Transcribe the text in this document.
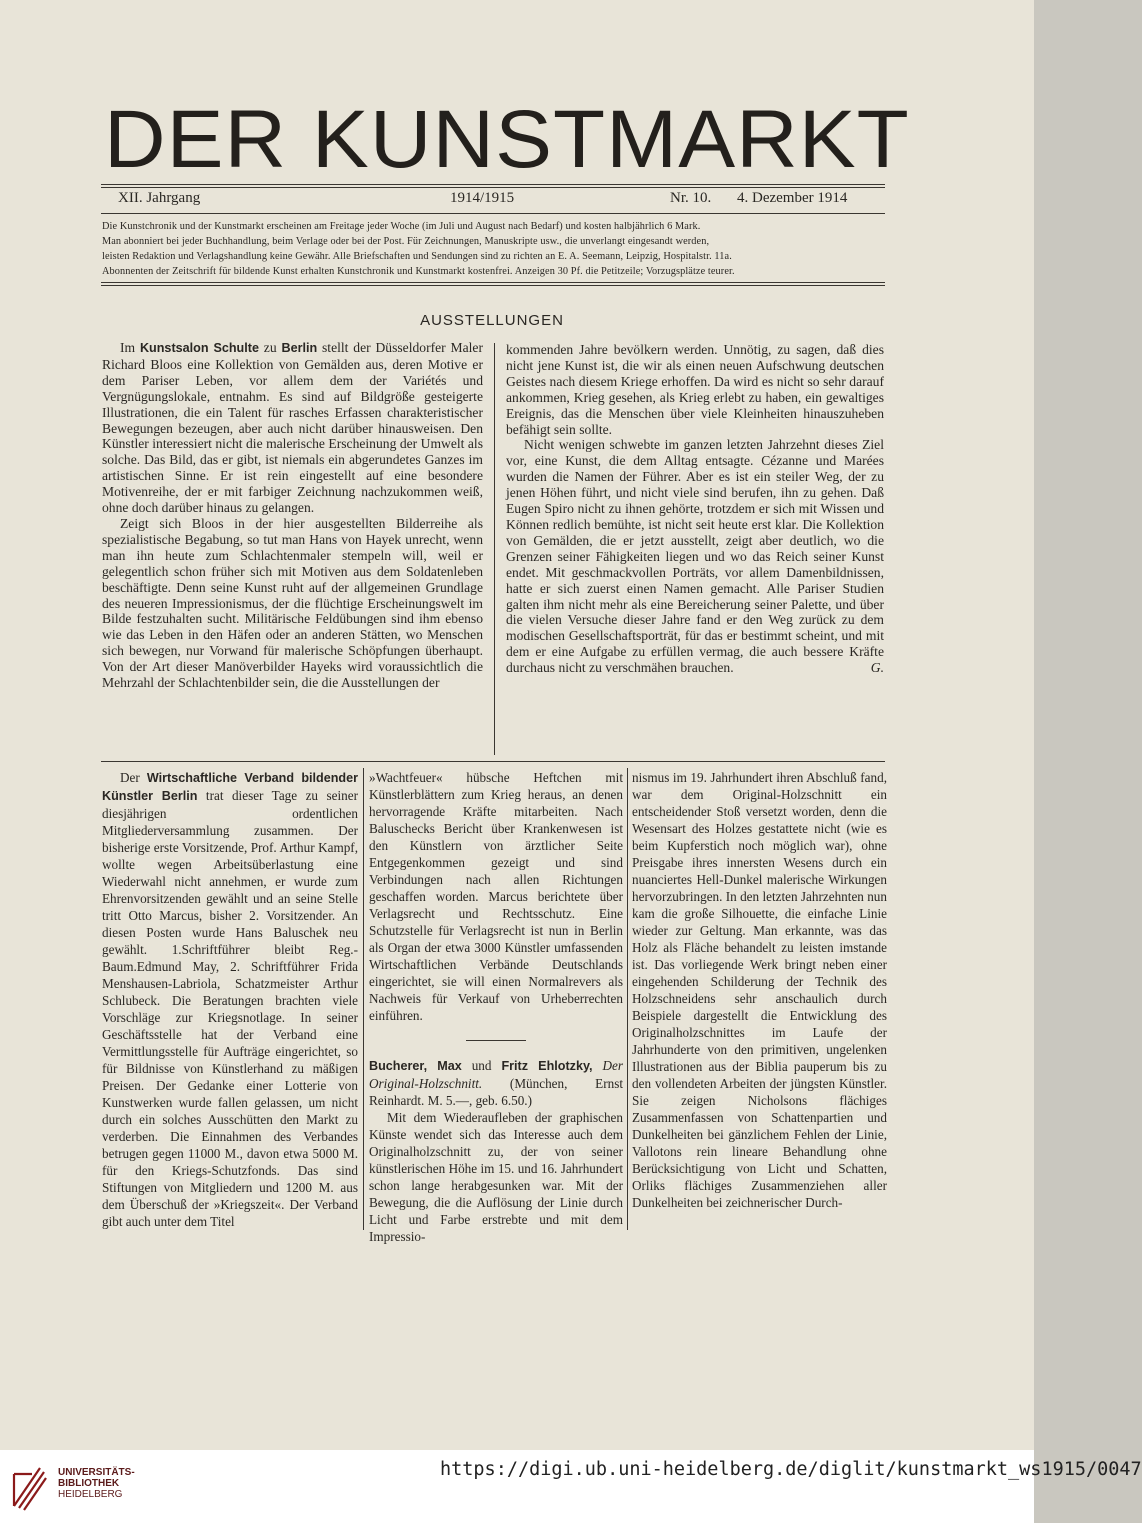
DER KUNSTMARKT
XII. Jahrgang	1914/1915	Nr. 10. 4. Dezember 1914
Die Kunstchronik und der Kunstmarkt erscheinen am Freitage jeder Woche (im Juli und August nach Bedarf) und kosten halbjährlich 6 Mark.
Man abonniert bei jeder Buchhandlung, beim Verlage oder bei der Post. Für Zeichnungen, Manuskripte usw., die unverlangt eingesandt werden,
leisten Redaktion und Verlagshandlung keine Gewähr. Alle Briefschaften und Sendungen sind zu richten an E. A. Seemann, Leipzig, Hospitalstr. 11a.
Abonnenten der Zeitschrift für bildende Kunst erhalten Kunstchronik und Kunstmarkt kostenfrei. Anzeigen 30 Pf. die Petitzeile; Vorzugsplätze teurer.
AUSSTELLUNGEN

Im Kunstsalon Schulte zu Berlin stellt der Düsseldorfer Maler Richard Bloos eine Kollektion von Gemälden aus, deren Motive er dem Pariser Leben, vor allem dem der Variétés und Vergnügungslokale, entnahm. Es sind auf Bildgröße gesteigerte Illustrationen, die ein Talent für rasches Erfassen charakteristischer Bewegungen bezeugen, aber auch nicht darüber hinausweisen. Den Künstler interessiert nicht die malerische Erscheinung der Umwelt als solche. Das Bild, das er gibt, ist niemals ein abgerundetes Ganzes im artistischen Sinne. Er ist rein eingestellt auf eine besondere Motivenreihe, der er mit farbiger Zeichnung nachzukommen weiß, ohne doch darüber hinaus zu gelangen.

Zeigt sich Bloos in der hier ausgestellten Bilderreihe als spezialistische Begabung, so tut man Hans von Hayek unrecht, wenn man ihn heute zum Schlachtenmaler stempeln will, weil er gelegentlich schon früher sich mit Motiven aus dem Soldatenleben beschäftigte. Denn seine Kunst ruht auf der allgemeinen Grundlage des neueren Impressionismus, der die flüchtige Erscheinungswelt im Bilde festzuhalten sucht. Militärische Feldübungen sind ihm ebenso wie das Leben in den Häfen oder an anderen Stätten, wo Menschen sich bewegen, nur Vorwand für malerische Schöpfungen überhaupt. Von der Art dieser Manöverbilder Hayeks wird voraussichtlich die Mehrzahl der Schlachtenbilder sein, die die Ausstellungen der

kommenden Jahre bevölkern werden. Unnötig, zu sagen, daß dies nicht jene Kunst ist, die wir als einen neuen Aufschwung deutschen Geistes nach diesem Kriege erhoffen. Da wird es nicht so sehr darauf ankommen, Krieg gesehen, als Krieg erlebt zu haben, ein gewaltiges Ereignis, das die Menschen über viele Kleinheiten hinauszuheben befähigt sein sollte.

Nicht wenigen schwebte im ganzen letzten Jahrzehnt dieses Ziel vor, eine Kunst, die dem Alltag entsagte. Cézanne und Marées wurden die Namen der Führer. Aber es ist ein steiler Weg, der zu jenen Höhen führt, und nicht viele sind berufen, ihn zu gehen. Daß Eugen Spiro nicht zu ihnen gehörte, trotzdem er sich mit Wissen und Können redlich bemühte, ist nicht seit heute erst klar. Die Kollektion von Gemälden, die er jetzt ausstellt, zeigt aber deutlich, wo die Grenzen seiner Fähigkeiten liegen und wo das Reich seiner Kunst endet. Mit geschmackvollen Porträts, vor allem Damenbildnissen, hatte er sich zuerst einen Namen gemacht. Alle Pariser Studien galten ihm nicht mehr als eine Bereicherung seiner Palette, und über die vielen Versuche dieser Jahre fand er den Weg zurück zu dem modischen Gesellschaftsporträt, für das er bestimmt scheint, und mit dem er eine Aufgabe zu erfüllen vermag, die auch bessere Kräfte durchaus nicht zu verschmähen brauchen.	G.

Der Wirtschaftliche Verband bildender Künstler Berlin trat dieser Tage zu seiner diesjährigen ordentlichen Mitgliederversammlung zusammen. Der bisherige erste Vorsitzende, Prof. Arthur Kampf, wollte wegen Arbeitsüberlastung eine Wiederwahl nicht annehmen, er wurde zum Ehrenvorsitzenden gewählt und an seine Stelle tritt Otto Marcus, bisher 2. Vorsitzender. An diesen Posten wurde Hans Baluschek neu gewählt. 1.Schriftführer bleibt Reg.-Baum.Edmund May, 2. Schriftführer Frida Menshausen-Labriola, Schatzmeister Arthur Schlubeck. Die Beratungen brachten viele Vorschläge zur Kriegsnotlage. In seiner Geschäftsstelle hat der Verband eine Vermittlungsstelle für Aufträge eingerichtet, so für Bildnisse von Künstlerhand zu mäßigen Preisen. Der Gedanke einer Lotterie von Kunstwerken wurde fallen gelassen, um nicht durch ein solches Ausschütten den Markt zu verderben. Die Einnahmen des Verbandes betrugen gegen 11000 M., davon etwa 5000 M. für den Kriegs-Schutzfonds. Das sind Stiftungen von Mitgliedern und 1200 M. aus dem Überschuß der »Kriegszeit«. Der Verband gibt auch unter dem Titel

»Wachtfeuer« hübsche Heftchen mit Künstlerblättern zum Krieg heraus, an denen hervorragende Kräfte mitarbeiten. Nach Baluschecks Bericht über Krankenwesen ist den Künstlern von ärztlicher Seite Entgegenkommen gezeigt und sind Verbindungen nach allen Richtungen geschaffen worden. Marcus berichtete über Verlagsrecht und Rechtsschutz. Eine Schutzstelle für Verlagsrecht ist nun in Berlin als Organ der etwa 3000 Künstler umfassenden Wirtschaftlichen Verbände Deutschlands eingerichtet, sie will einen Normalrevers als Nachweis für Verkauf von Urheberrechten einführen.

Bucherer, Max und Fritz Ehlotzky, Der Original-Holzschnitt. (München, Ernst Reinhardt. M. 5.—, geb. 6.50.)

Mit dem Wiederaufleben der graphischen Künste wendet sich das Interesse auch dem Originalholzschnitt zu, der von seiner künstlerischen Höhe im 15. und 16. Jahrhundert schon lange herabgesunken war. Mit der Bewegung, die die Auflösung der Linie durch Licht und Farbe erstrebte und mit dem Impressio-

nismus im 19. Jahrhundert ihren Abschluß fand, war dem Original-Holzschnitt ein entscheidender Stoß versetzt worden, denn die Wesensart des Holzes gestattete nicht (wie es beim Kupferstich noch möglich war), ohne Preisgabe ihres innersten Wesens durch ein nuanciertes Hell-Dunkel malerische Wirkungen hervorzubringen. In den letzten Jahrzehnten nun kam die große Silhouette, die einfache Linie wieder zur Geltung. Man erkannte, was das Holz als Fläche behandelt zu leisten imstande ist. Das vorliegende Werk bringt neben einer eingehenden Schilderung der Technik des Holzschneidens sehr anschaulich durch Beispiele dargestellt die Entwicklung des Originalholzschnittes im Laufe der Jahrhunderte von den primitiven, ungelenken Illustrationen aus der Biblia pauperum bis zu den vollendeten Arbeiten der jüngsten Künstler. Sie zeigen Nicholsons flächiges Zusammenfassen von Schattenpartien und Dunkelheiten bei gänzlichem Fehlen der Linie, Vallotons rein lineare Behandlung ohne Berücksichtigung von Licht und Schatten, Orliks flächiges Zusammenziehen aller Dunkelheiten bei zeichnerischer Durch-

UNIVERSITÄTS-
BIBLIOTHEK
HEIDELBERG
https://digi.ub.uni-heidelberg.de/diglit/kunstmarkt_ws1915/0047
